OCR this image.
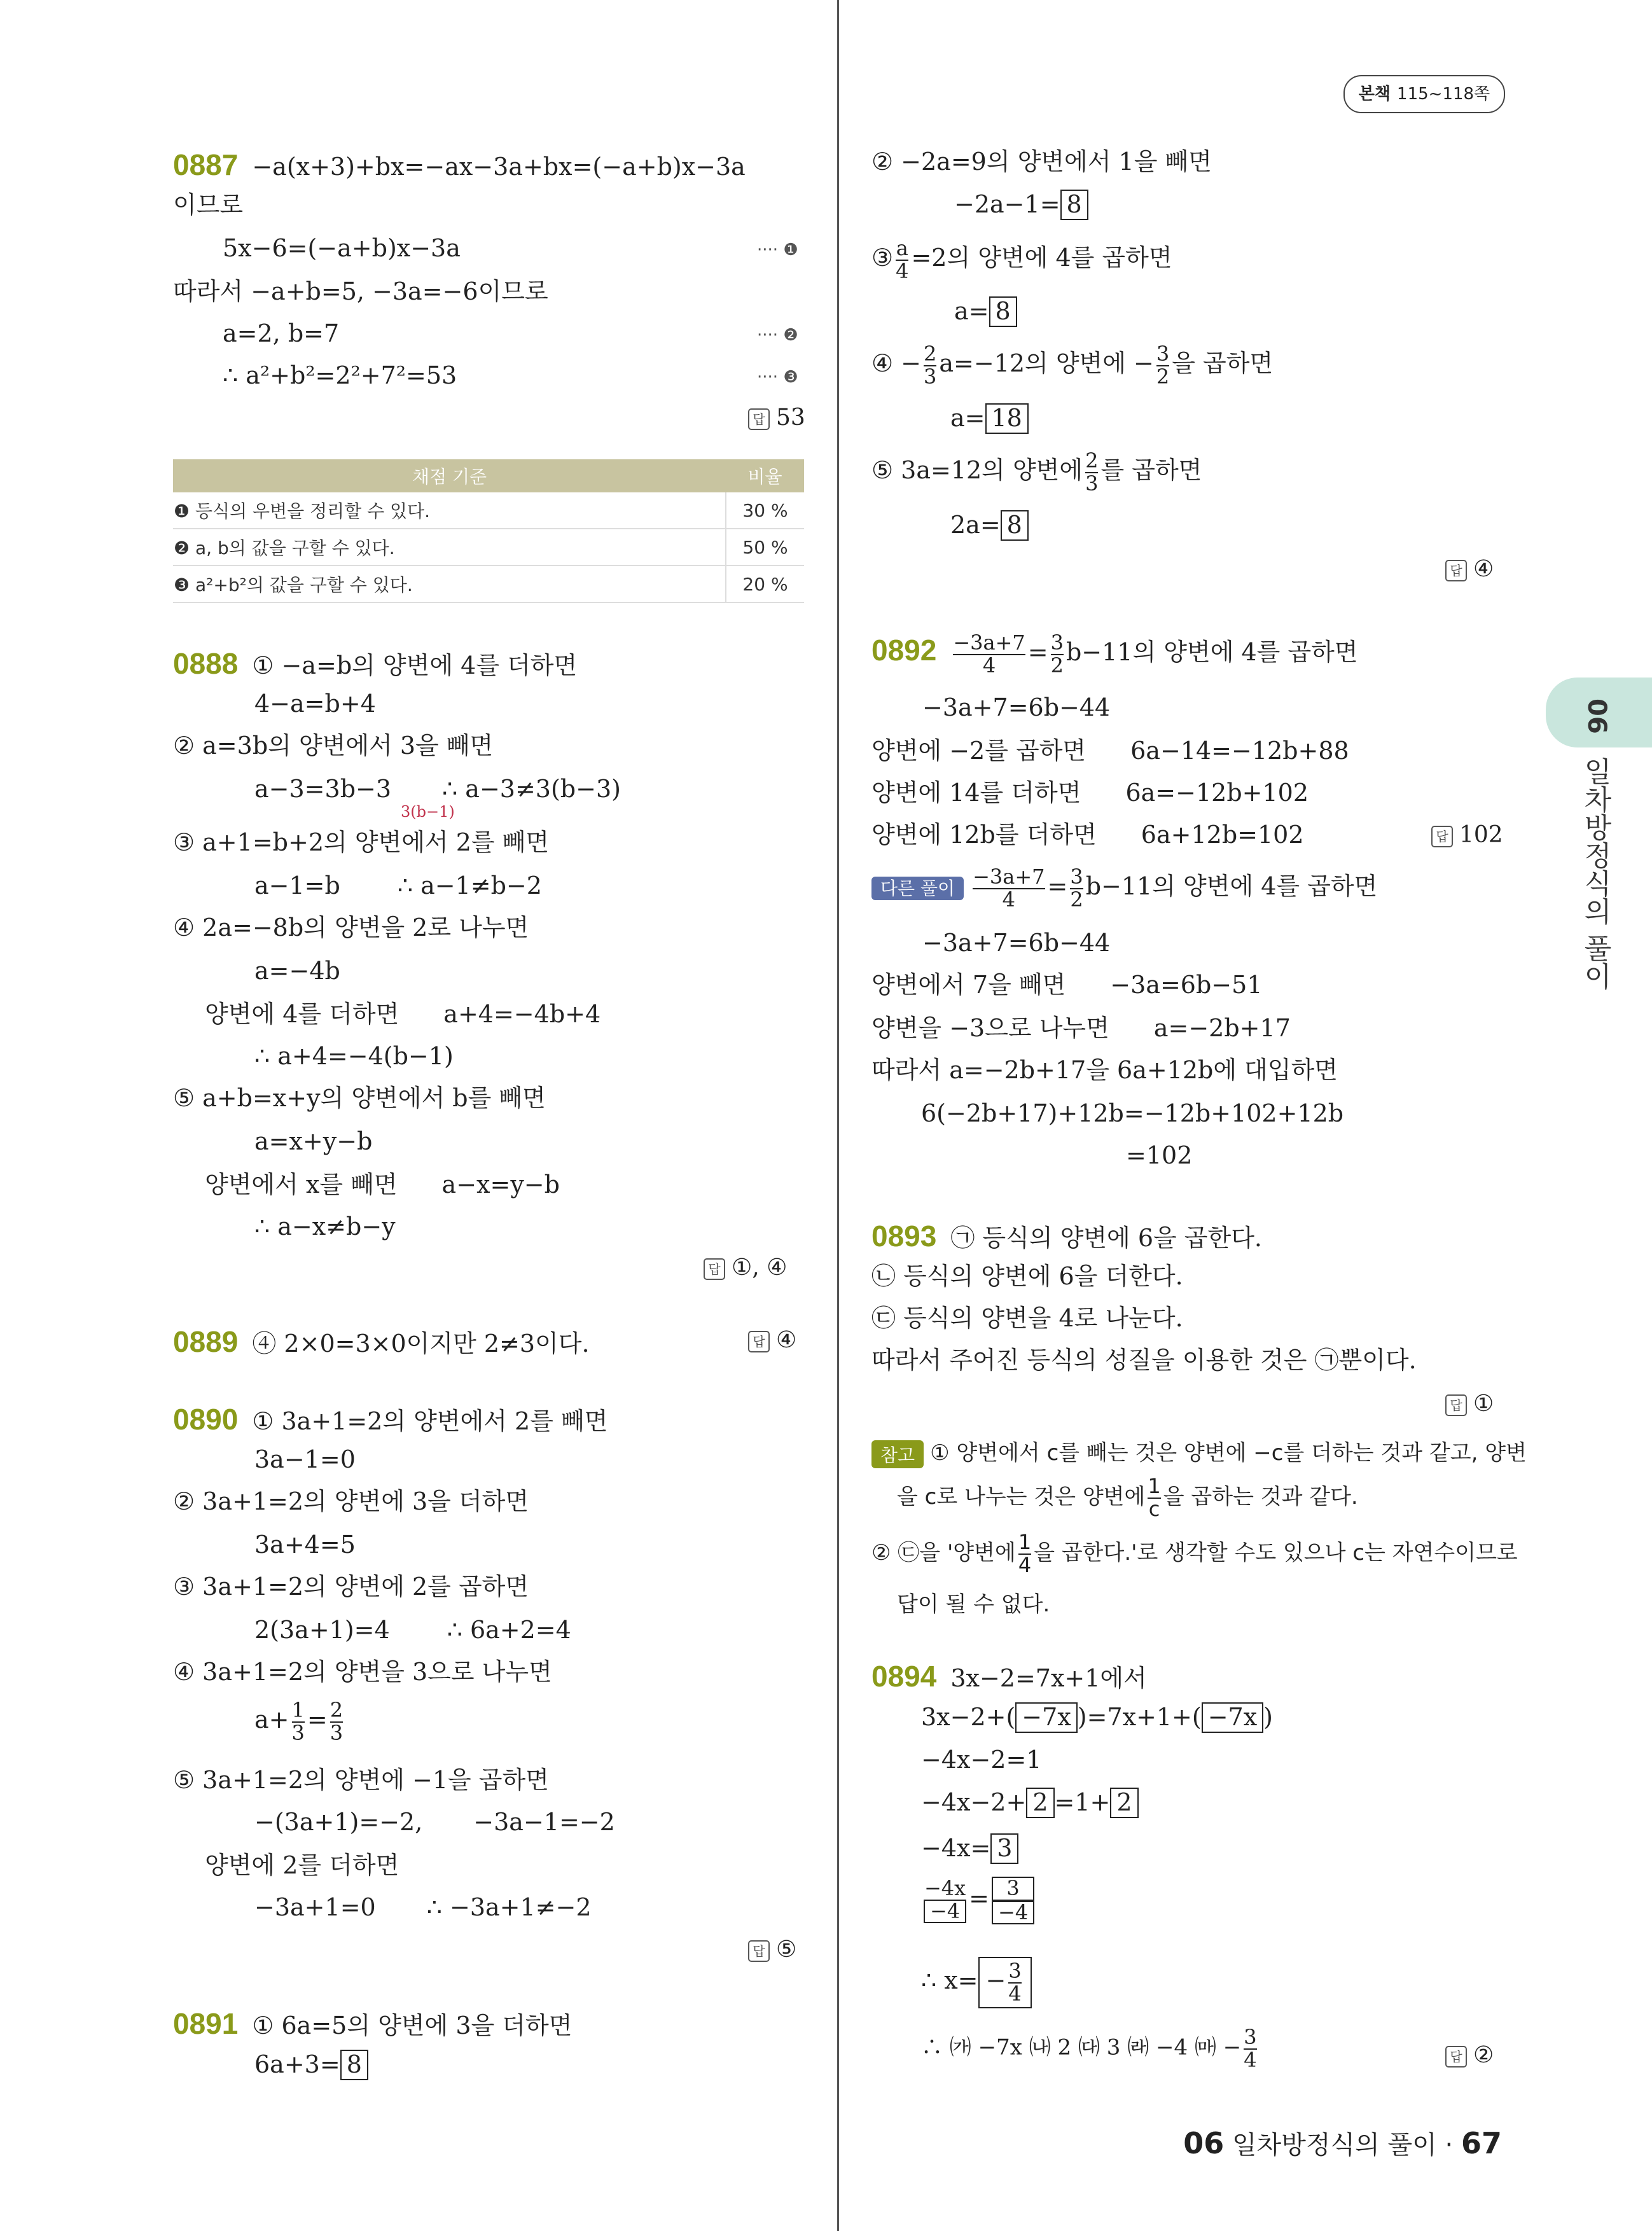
본책 115~118쪽
06
일차방정식의 풀이
0887 −a(x+3)+bx=−ax−3a+bx=(−a+b)x−3a
이므로
5x−6=(−a+b)x−3a	···· ❶
따라서 −a+b=5, −3a=−6이므로
a=2, b=7	···· ❷
∴ a²+b²=2²+7²=53	···· ❸
답 53
채점 기준	비율
❶ 등식의 우변을 정리할 수 있다.	30 %
❷ a, b의 값을 구할 수 있다.	50 %
❸ a²+b²의 값을 구할 수 있다.	20 %
0888 ① −a=b의 양변에 4를 더하면
4−a=b+4
② a=3b의 양변에서 3을 빼면
a−3=3b−3 ∴ a−3≠3(b−3)
3(b−1)
③ a+1=b+2의 양변에서 2를 빼면
a−1=b ∴ a−1≠b−2
④ 2a=−8b의 양변을 2로 나누면
a=−4b
양변에 4를 더하면 a+4=−4b+4
∴ a+4=−4(b−1)
⑤ a+b=x+y의 양변에서 b를 빼면
a=x+y−b
양변에서 x를 빼면 a−x=y−b
∴ a−x≠b−y
답 ①, ④
0889 ④ 2×0=3×0이지만 2≠3이다.	답 ④
0890 ① 3a+1=2의 양변에서 2를 빼면
3a−1=0
② 3a+1=2의 양변에 3을 더하면
3a+4=5
③ 3a+1=2의 양변에 2를 곱하면
2(3a+1)=4 ∴ 6a+2=4
④ 3a+1=2의 양변을 3으로 나누면
$a+ \frac{1}{3} = \frac{2}{3}$
⑤ 3a+1=2의 양변에 −1을 곱하면
−(3a+1)=−2, −3a−1=−2
양변에 2를 더하면
−3a+1=0 ∴ −3a+1≠−2
답 ⑤
0891 ① 6a=5의 양변에 3을 더하면
6a+3= 8
② −2a=9의 양변에서 1을 빼면
−2a−1= 8
③ $\frac{a}{4} =2$의 양변에 4를 곱하면
a= 8
④ − $\frac{2}{3} a=-12$의 양변에 − $\frac{3}{2}$ 을 곱하면
a= 18
⑤ 3a=12의 양변에 $\frac{2}{3}$ 를 곱하면
2a= 8
답 ④
$0892 \frac{-3a+7}{4} = \frac{3}{2} b-11$의 양변에 4를 곱하면
−3a+7=6b−44
양변에 −2를 곱하면 6a−14=−12b+88
양변에 14를 더하면 6a=−12b+102
양변에 12b를 더하면 6a+12b=102	답 102
다른 풀이 $\frac{-3a+7}{4} = \frac{3}{2} b-11$의 양변에 4를 곱하면
−3a+7=6b−44
양변에서 7을 빼면 −3a=6b−51
양변을 −3으로 나누면 a=−2b+17
따라서 a=−2b+17을 6a+12b에 대입하면
6(−2b+17)+12b=−12b+102+12b
=102
0893 ㉠ 등식의 양변에 6을 곱한다.
㉡ 등식의 양변에 6을 더한다.
㉢ 등식의 양변을 4로 나눈다.
따라서 주어진 등식의 성질을 이용한 것은 ㉠뿐이다.
답 ①
참고 ① 양변에서 c를 빼는 것은 양변에 −c를 더하는 것과 같고, 양변
을 c로 나누는 것은 양변에 $\frac{1}{c}$ 을 곱하는 것과 같다.
② ㉢을 '양변에 $\frac{1}{4}$ 을 곱한다.'로 생각할 수도 있으나 c는 자연수이므로
답이 될 수 없다.
0894 3x−2=7x+1에서
3x−2+( −7x )=7x+1+( −7x )
−4x−2=1
−4x−2+ 2 =1+ 2
−4x= 3
$\frac{-4x}{-4} = \frac{3}{-4}$
∴ $x= - \frac{3}{4}$
∴ ㈎ −7x ㈏ 2 ㈐ 3 ㈑ −4 ㈒ − $\frac{3}{4}$	답 ②
06 일차방정식의 풀이 · 67
